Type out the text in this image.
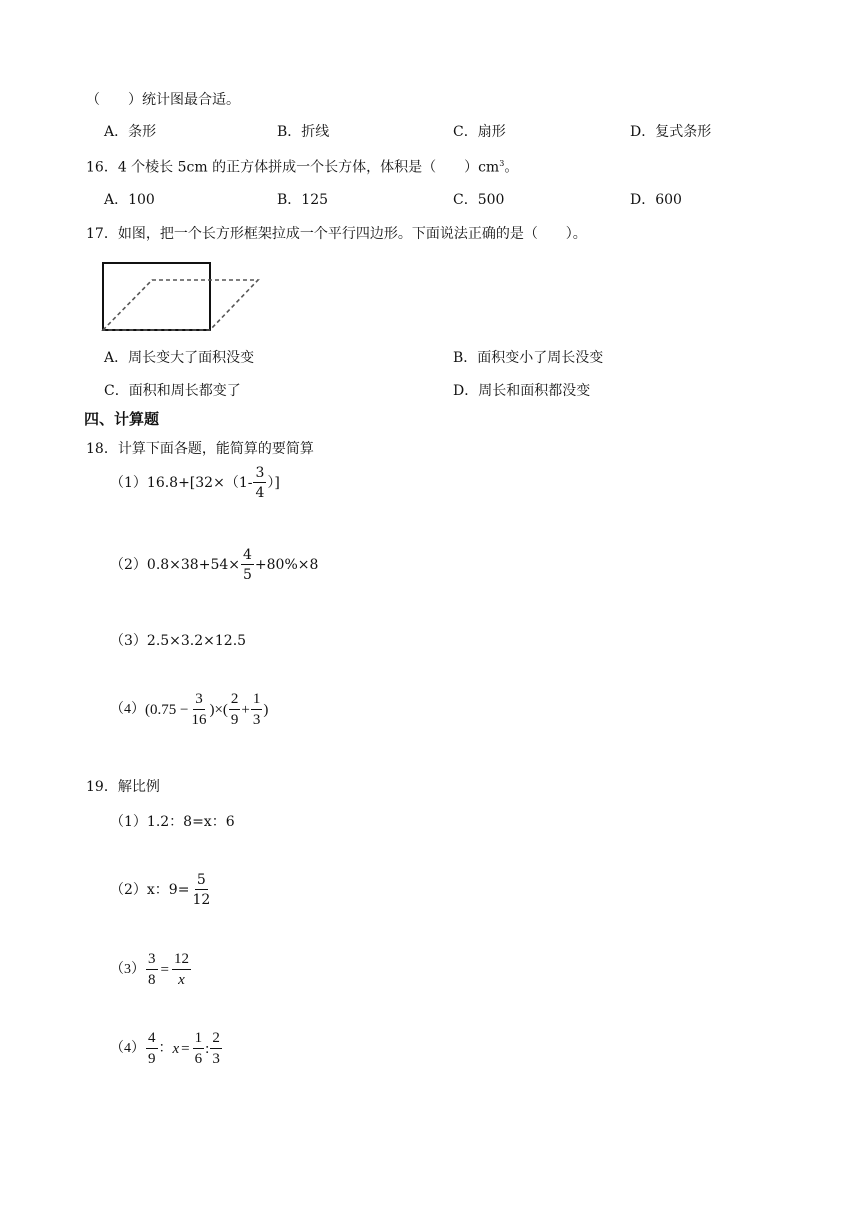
（　　）统计图最合适。
A．条形	B．折线	C．扇形	D．复式条形
16．4 个棱长 5cm 的正方体拼成一个长方体，体积是（　　）$cm^3$。
A．100	B．125	C．500	D．600
17．如图，把一个长方形框架拉成一个平行四边形。下面说法正确的是（　　）。
A．周长变大了面积没变	B．面积变小了周长没变
C．面积和周长都变了	D．周长和面积都没变
四、计算题
18．计算下面各题，能简算的要简算
$(1)16.8+[32\times(1- \frac{3}{4}$ ）]
$(2)0.8\times 38+54\times \frac{4}{5} +80\%\times 8$
（3）2.5×3.2×12.5
（4） ($0.75 - \frac{3}{16}$ )×( $\frac{2}{9} + \frac{1}{3}$ )
19．解比例
（1）1.2：8=x：6
（2）x：$9= \frac{5}{12}$
$(3) \frac{3}{8} = \frac{12}{x}$
$(4) \frac{4}{9}$ ： $x = \frac{1}{6}$ : $\frac{2}{3}$
